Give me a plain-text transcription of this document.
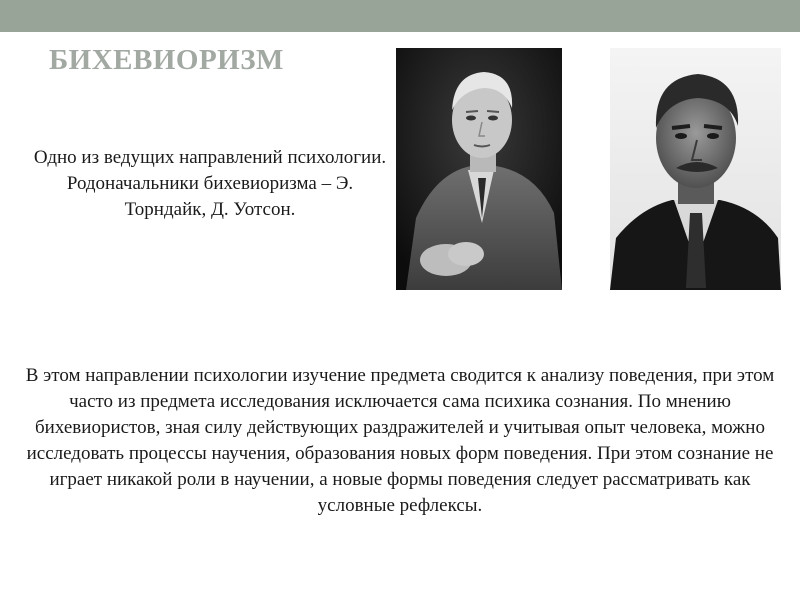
БИХЕВИОРИЗМ
Одно из ведущих направлений психологии. Родоначальники бихевиоризма – Э. Торндайк, Д. Уотсон.
В этом направлении психологии изучение предмета сводится к анализу поведения, при этом часто из предмета исследования исключается сама психика сознания. По мнению бихевиористов, зная силу действующих раздражителей и учитывая опыт человека, можно исследовать процессы научения, образования новых форм поведения. При этом сознание не играет никакой роли в научении, а новые формы поведения следует рассматривать как условные рефлексы.
